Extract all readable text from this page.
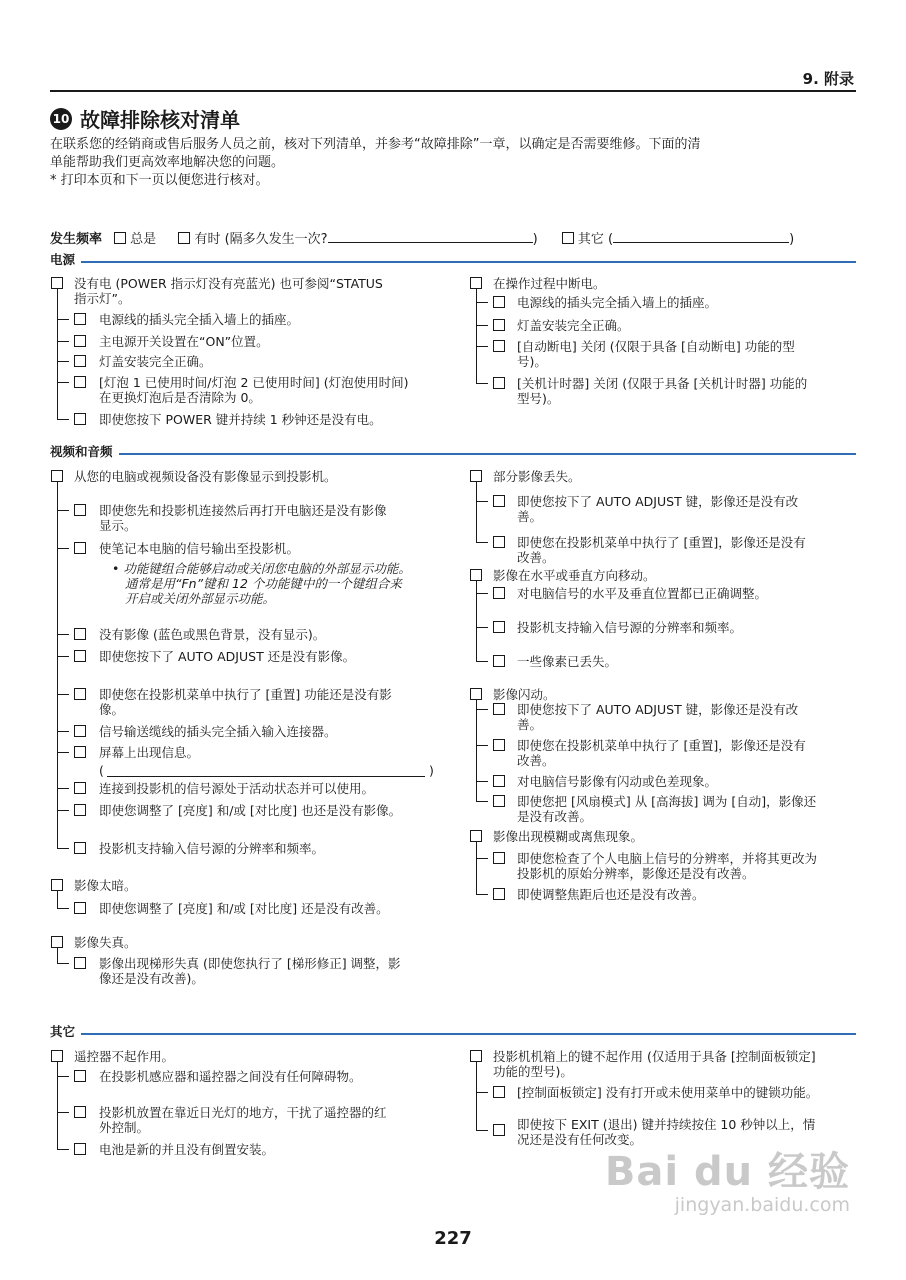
9. 附录
10 故障排除核对清单
在联系您的经销商或售后服务人员之前，核对下列清单，并参考“故障排除”一章，以确定是否需要维修。下面的清
单能帮助我们更高效率地解决您的问题。
* 打印本页和下一页以便您进行核对。
发生频率 总是	有时 (隔多久发生一次?	)	其它 (	)
电源
没有电 (POWER 指示灯没有亮蓝光) 也可参阅“STATUS
指示灯”。
电源线的插头完全插入墙上的插座。
主电源开关设置在“ON”位置。
灯盖安装完全正确。
[灯泡 1 已使用时间/灯泡 2 已使用时间] (灯泡使用时间)
在更换灯泡后是否清除为 0。
即使您按下 POWER 键并持续 1 秒钟还是没有电。
在操作过程中断电。
电源线的插头完全插入墙上的插座。
灯盖安装完全正确。
[自动断电] 关闭 (仅限于具备 [自动断电] 功能的型
号)。
[关机计时器] 关闭 (仅限于具备 [关机计时器] 功能的
型号)。
视频和音频
从您的电脑或视频设备没有影像显示到投影机。
即使您先和投影机连接然后再打开电脑还是没有影像
显示。
使笔记本电脑的信号输出至投影机。
• 功能键组合能够启动或关闭您电脑的外部显示功能。
通常是用“Fn”键和 12 个功能键中的一个键组合来
开启或关闭外部显示功能。
没有影像 (蓝色或黑色背景，没有显示)。
即使您按下了 AUTO ADJUST 还是没有影像。
即使您在投影机菜单中执行了 [重置] 功能还是没有影
像。
信号输送缆线的插头完全插入输入连接器。
屏幕上出现信息。
(	)
连接到投影机的信号源处于活动状态并可以使用。
即使您调整了 [亮度] 和/或 [对比度] 也还是没有影像。
投影机支持输入信号源的分辨率和频率。
影像太暗。
即使您调整了 [亮度] 和/或 [对比度] 还是没有改善。
影像失真。
影像出现梯形失真 (即使您执行了 [梯形修正] 调整，影
像还是没有改善)。
部分影像丢失。
即使您按下了 AUTO ADJUST 键，影像还是没有改
善。
即使您在投影机菜单中执行了 [重置]，影像还是没有
改善。
影像在水平或垂直方向移动。
对电脑信号的水平及垂直位置都已正确调整。
投影机支持输入信号源的分辨率和频率。
一些像素已丢失。
影像闪动。
即使您按下了 AUTO ADJUST 键，影像还是没有改
善。
即使您在投影机菜单中执行了 [重置]，影像还是没有
改善。
对电脑信号影像有闪动或色差现象。
即使您把 [风扇模式] 从 [高海拔] 调为 [自动]，影像还
是没有改善。
影像出现模糊或离焦现象。
即使您检查了个人电脑上信号的分辨率，并将其更改为
投影机的原始分辨率，影像还是没有改善。
即使调整焦距后也还是没有改善。
其它
遥控器不起作用。
在投影机感应器和遥控器之间没有任何障碍物。
投影机放置在靠近日光灯的地方，干扰了遥控器的红
外控制。
电池是新的并且没有倒置安装。
投影机机箱上的键不起作用 (仅适用于具备 [控制面板锁定]
功能的型号)。
[控制面板锁定] 没有打开或未使用菜单中的键锁功能。
即使按下 EXIT (退出) 键并持续按住 10 秒钟以上，情
况还是没有任何改变。
Bai du 经验
jingyan.baidu.com
227
